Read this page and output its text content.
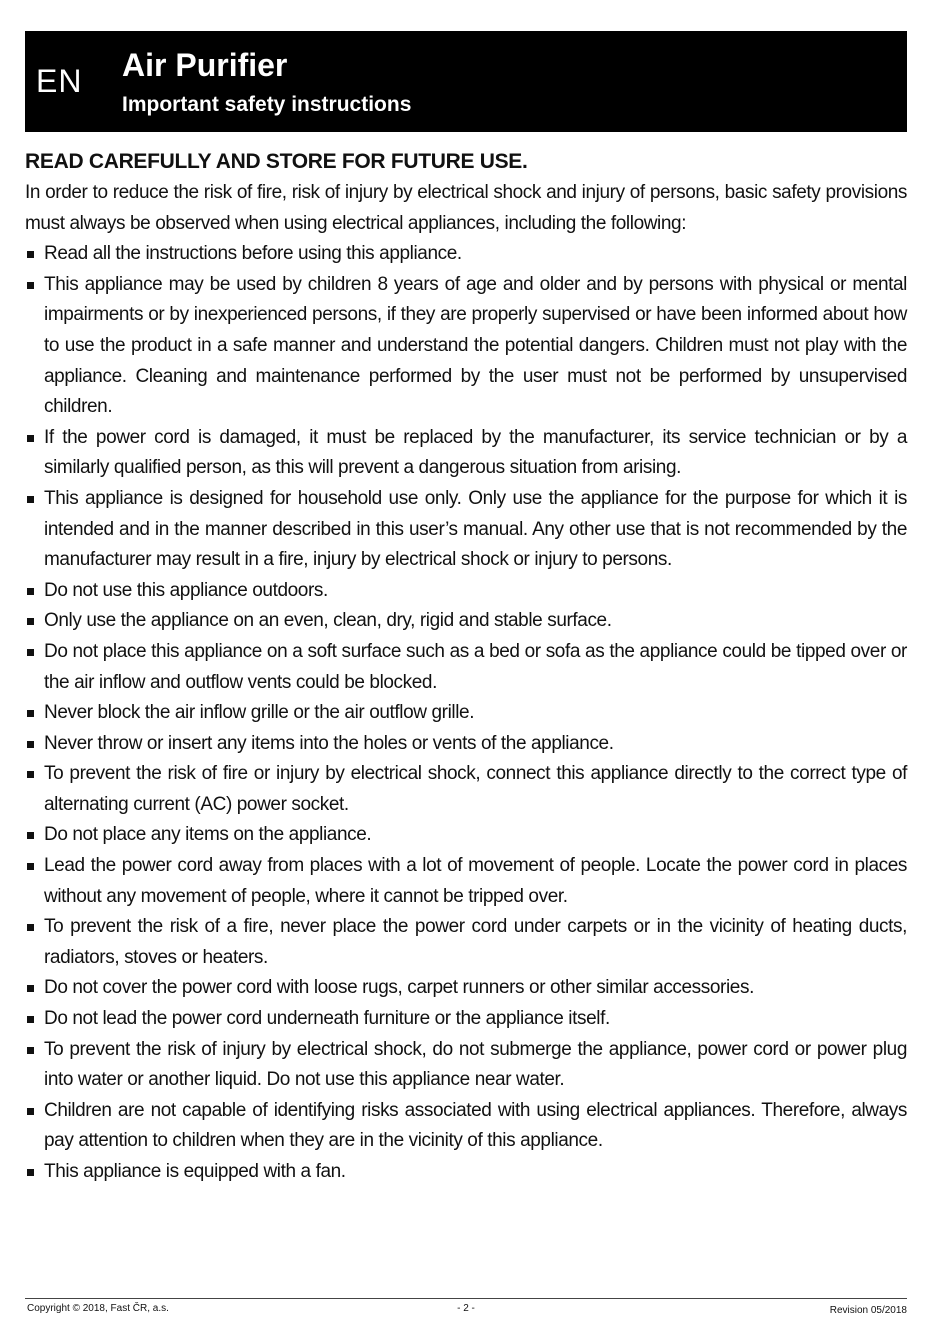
EN Air Purifier
Important safety instructions
READ CAREFULLY AND STORE FOR FUTURE USE.

In order to reduce the risk of fire, risk of injury by electrical shock and injury of persons, basic safety provisions must always be observed when using electrical appliances, including the following:

Read all the instructions before using this appliance.
This appliance may be used by children 8 years of age and older and by persons with physical or mental impairments or by inexperienced persons, if they are properly supervised or have been informed about how to use the product in a safe manner and understand the potential dangers. Children must not play with the appliance. Cleaning and maintenance performed by the user must not be performed by unsupervised children.
If the power cord is damaged, it must be replaced by the manufacturer, its service technician or by a similarly qualified person, as this will prevent a dangerous situation from arising.
This appliance is designed for household use only. Only use the appliance for the purpose for which it is intended and in the manner described in this user’s manual. Any other use that is not recommended by the manufacturer may result in a fire, injury by electrical shock or injury to persons.
Do not use this appliance outdoors.
Only use the appliance on an even, clean, dry, rigid and stable surface.
Do not place this appliance on a soft surface such as a bed or sofa as the appliance could be tipped over or the air inflow and outflow vents could be blocked.
Never block the air inflow grille or the air outflow grille.
Never throw or insert any items into the holes or vents of the appliance.
To prevent the risk of fire or injury by electrical shock, connect this appliance directly to the correct type of alternating current (AC) power socket.
Do not place any items on the appliance.
Lead the power cord away from places with a lot of movement of people. Locate the power cord in places without any movement of people, where it cannot be tripped over.
To prevent the risk of a fire, never place the power cord under carpets or in the vicinity of heating ducts, radiators, stoves or heaters.
Do not cover the power cord with loose rugs, carpet runners or other similar accessories.
Do not lead the power cord underneath furniture or the appliance itself.
To prevent the risk of injury by electrical shock, do not submerge the appliance, power cord or power plug into water or another liquid. Do not use this appliance near water.
Children are not capable of identifying risks associated with using electrical appliances. Therefore, always pay attention to children when they are in the vicinity of this appliance.
This appliance is equipped with a fan.
Copyright © 2018, Fast ČR, a.s.	- 2 -	Revision 05/2018
